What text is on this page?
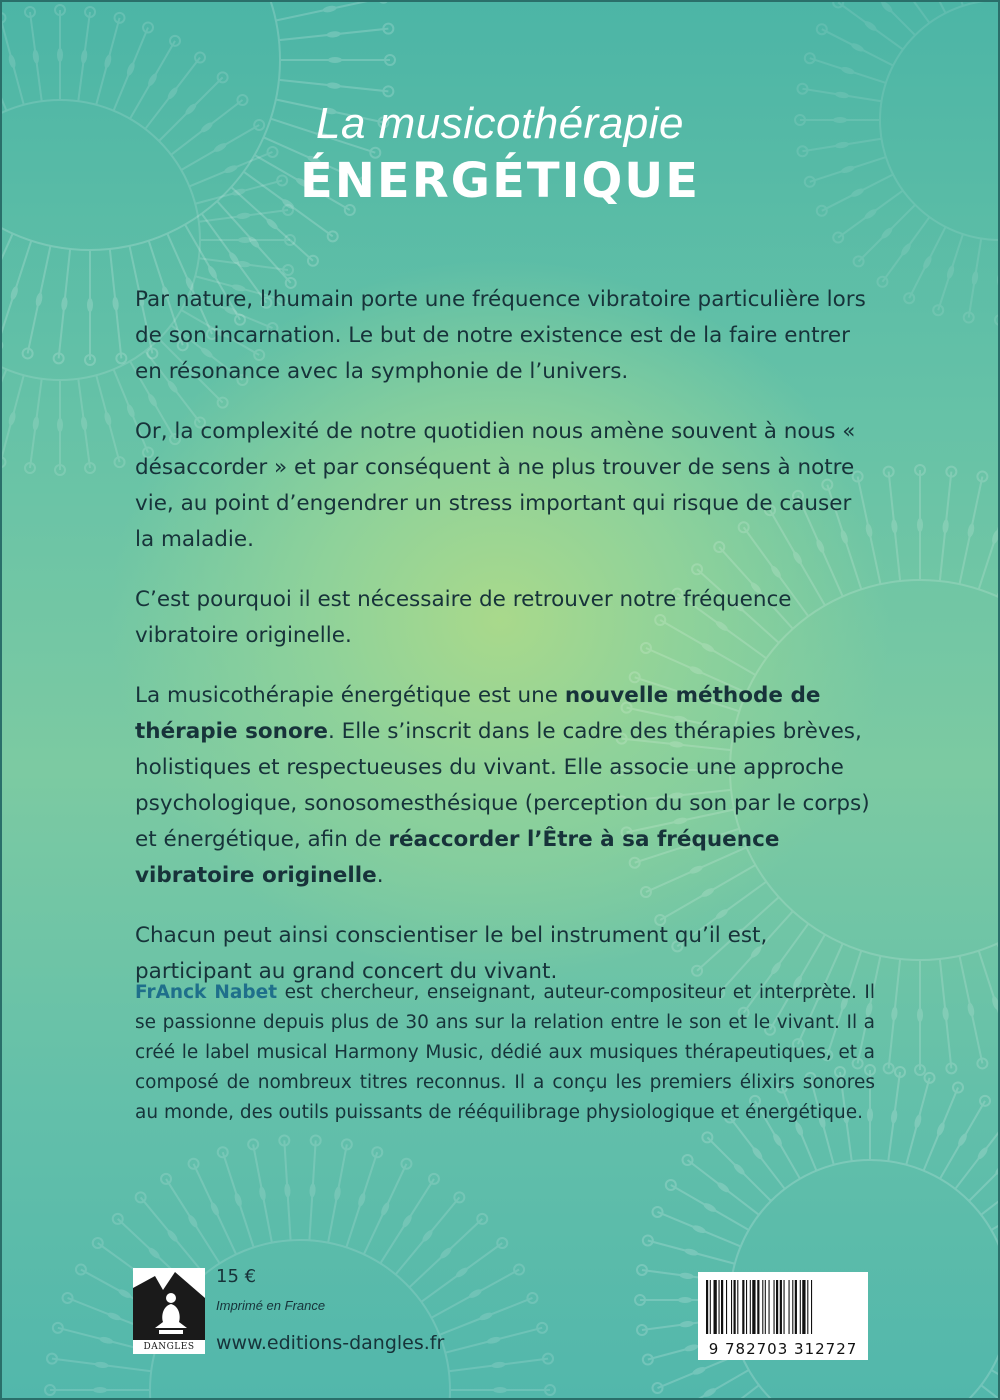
La musicothérapie
ÉNERGÉTIQUE

Par nature, l’humain porte une fréquence vibratoire particulière lors de son incarnation. Le but de notre existence est de la faire entrer en résonance avec la symphonie de l’univers.

Or, la complexité de notre quotidien nous amène souvent à nous « désaccorder » et par conséquent à ne plus trouver de sens à notre vie, au point d’engendrer un stress important qui risque de causer la maladie.

C’est pourquoi il est nécessaire de retrouver notre fréquence vibratoire originelle.

La musicothérapie énergétique est une nouvelle méthode de thérapie sonore. Elle s’inscrit dans le cadre des thérapies brèves, holistiques et respectueuses du vivant. Elle associe une approche psychologique, sonosomesthésique (perception du son par le corps) et énergétique, afin de réaccorder l’Être à sa fréquence vibratoire originelle.

Chacun peut ainsi conscientiser le bel instrument qu’il est, participant au grand concert du vivant.

FrAnck Nabet est chercheur, enseignant, auteur-compositeur et interprète. Il se passionne depuis plus de 30 ans sur la relation entre le son et le vivant. Il a créé le label musical Harmony Music, dédié aux musiques thérapeutiques, et a composé de nombreux titres reconnus. Il a conçu les premiers élixirs sonores au monde, des outils puissants de rééquilibrage physiologique et énergétique.
DANGLES
15 €
Imprimé en France
www.editions-dangles.fr	9 782703 312727
